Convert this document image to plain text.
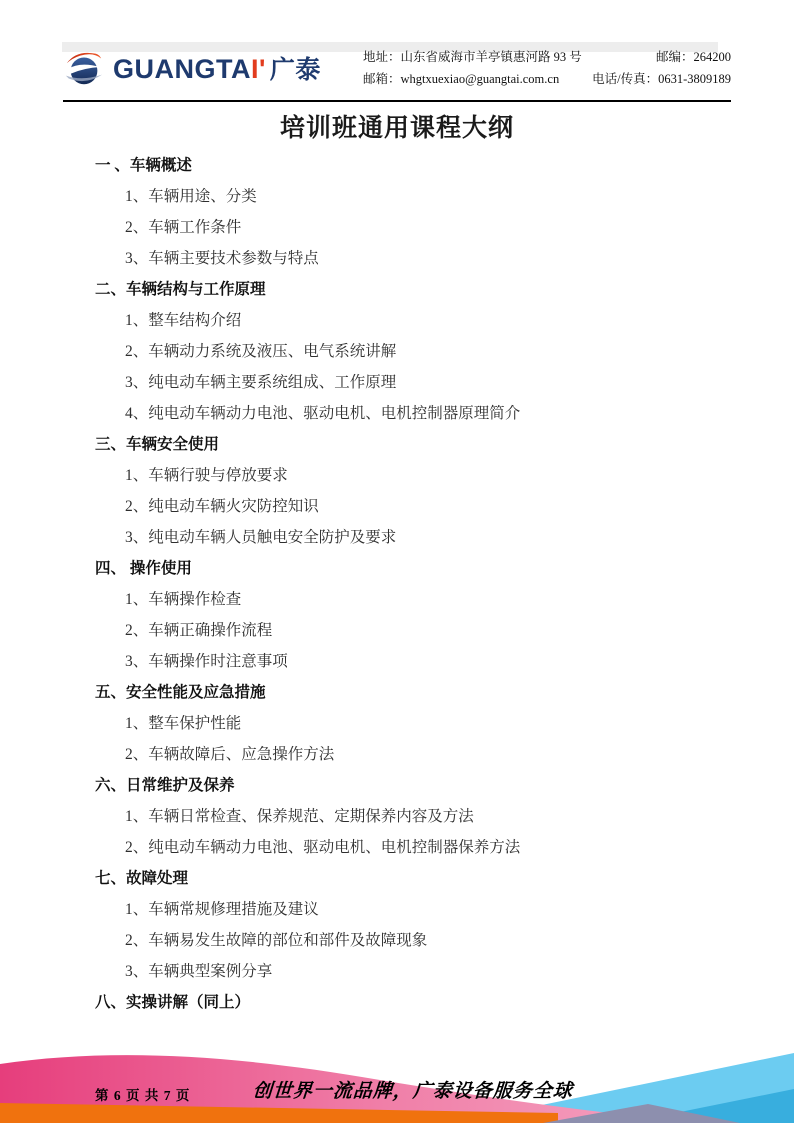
GUANGTAI' 广泰	地址：山东省威海市羊亭镇惠河路 93 号	邮编：264200
邮箱：whgtxuexiao@guangtai.com.cn	电话/传真：0631-3809189
培训班通用课程大纲
一 、车辆概述
1、车辆用途、分类
2、车辆工作条件
3、车辆主要技术参数与特点
二、车辆结构与工作原理
1、整车结构介绍
2、车辆动力系统及液压、电气系统讲解
3、纯电动车辆主要系统组成、工作原理
4、纯电动车辆动力电池、驱动电机、电机控制器原理简介
三、车辆安全使用
1、车辆行驶与停放要求
2、纯电动车辆火灾防控知识
3、纯电动车辆人员触电安全防护及要求
四、 操作使用
1、车辆操作检查
2、车辆正确操作流程
3、车辆操作时注意事项
五、安全性能及应急措施
1、整车保护性能
2、车辆故障后、应急操作方法
六、日常维护及保养
1、车辆日常检查、保养规范、定期保养内容及方法
2、纯电动车辆动力电池、驱动电机、电机控制器保养方法
七、故障处理
1、车辆常规修理措施及建议
2、车辆易发生故障的部位和部件及故障现象
3、车辆典型案例分享
八、实操讲解（同上）
第 6 页 共 7 页	创世界一流品牌，广泰设备服务全球
